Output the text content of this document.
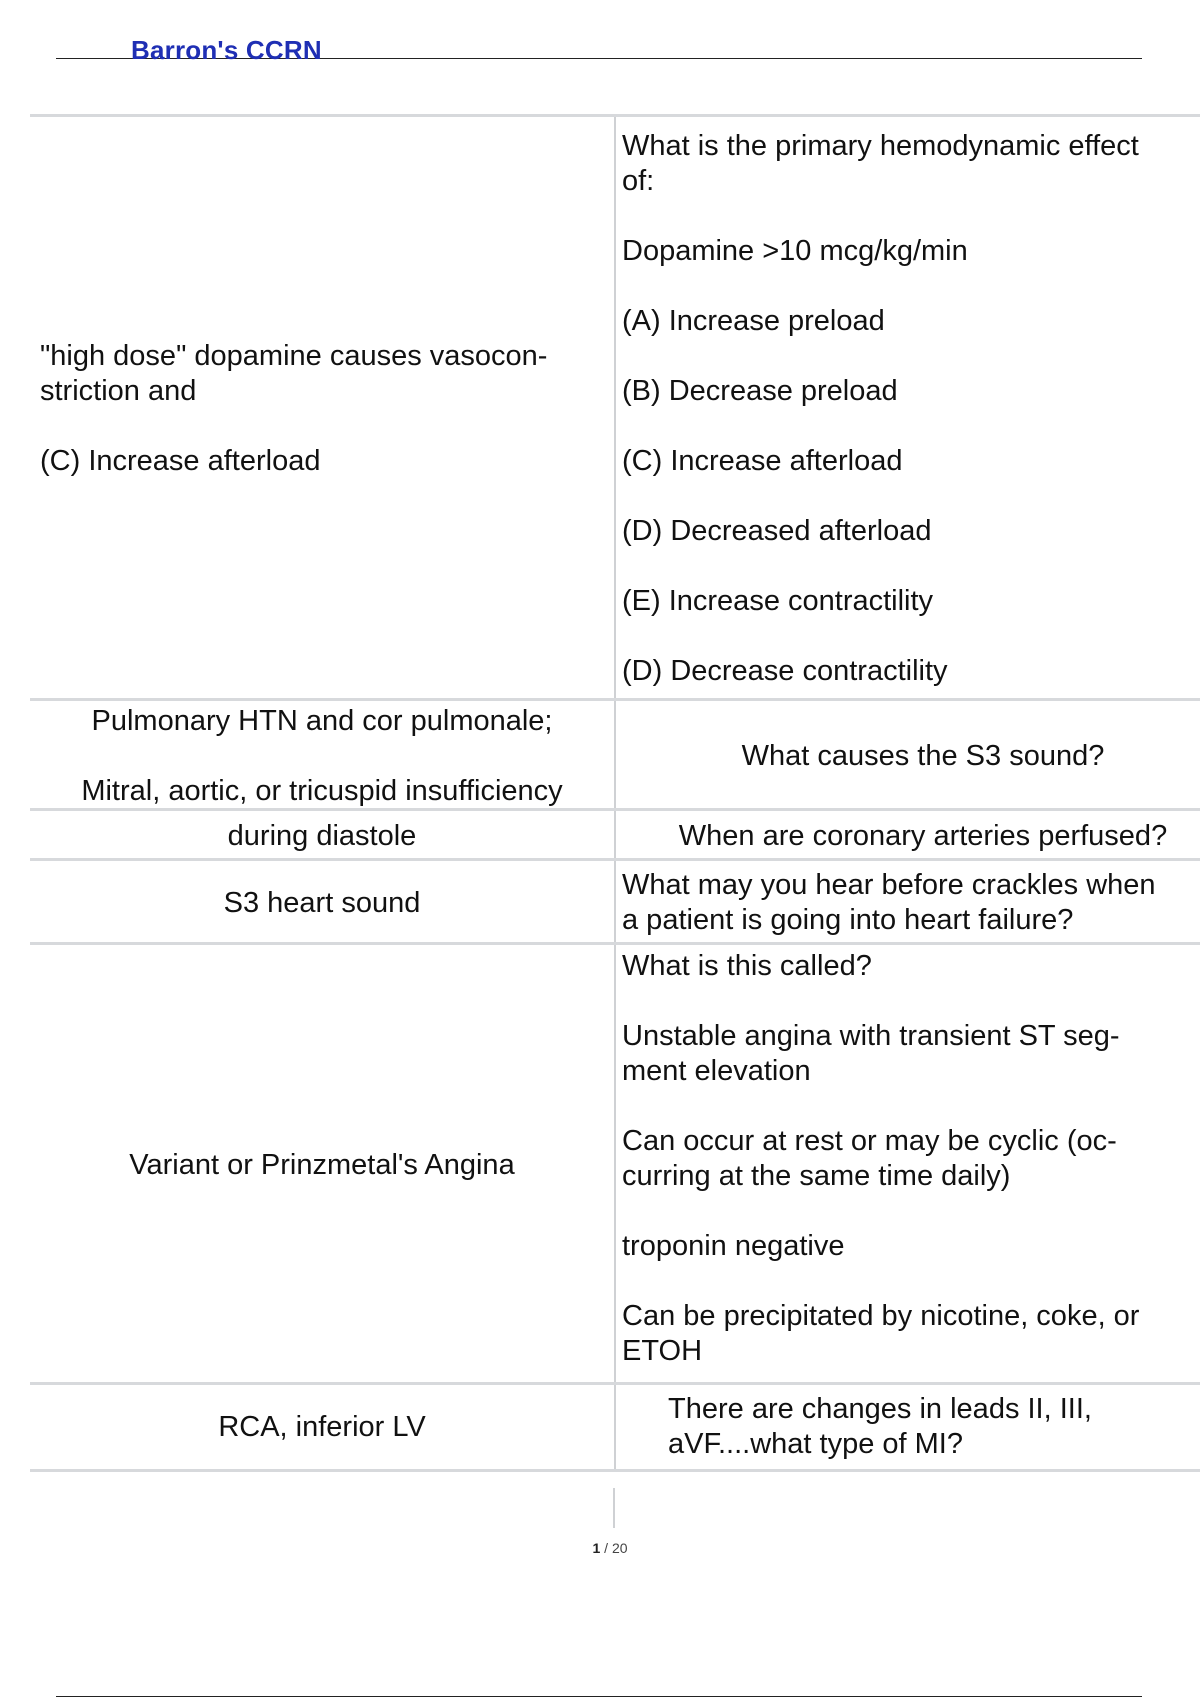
Barron's CCRN

"high dose" dopamine causes vasocon-

striction and

(C) Increase afterload

What is the primary hemodynamic effect

of:

Dopamine >10 mcg/kg/min

(A) Increase preload

(B) Decrease preload

(C) Increase afterload

(D) Decreased afterload

(E) Increase contractility

(D) Decrease contractility

Pulmonary HTN and cor pulmonale;

Mitral, aortic, or tricuspid insufficiency

What causes the S3 sound?

during diastole	When are coronary arteries perfused?

S3 heart sound

What may you hear before crackles when

a patient is going into heart failure?

Variant or Prinzmetal's Angina

What is this called?

Unstable angina with transient ST seg-

ment elevation

Can occur at rest or may be cyclic (oc-

curring at the same time daily)

troponin negative

Can be precipitated by nicotine, coke, or

ETOH

RCA, inferior LV

There are changes in leads II, III,

aVF....what type of MI?

1 / 20
